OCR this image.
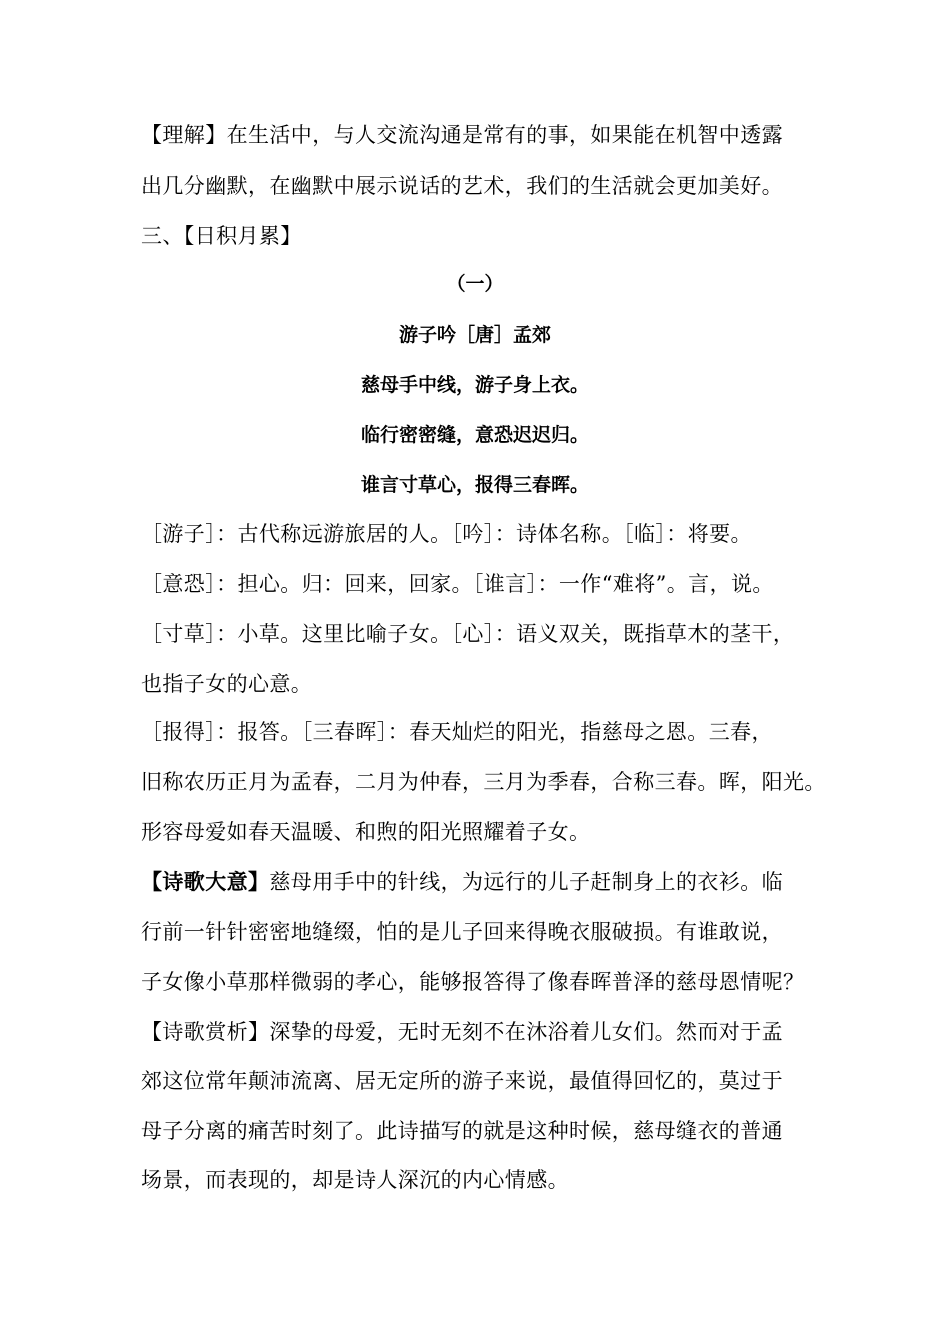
【理解】在生活中，与人交流沟通是常有的事，如果能在机智中透露
出几分幽默，在幽默中展示说话的艺术，我们的生活就会更加美好。
三、【日积月累】
（一）
游子吟［唐］孟郊
慈母手中线，游子身上衣。
临行密密缝，意恐迟迟归。
谁言寸草心，报得三春晖。
［游子］：古代称远游旅居的人。［吟］：诗体名称。［临］：将要。
［意恐］：担心。归：回来，回家。［谁言］：一作“难将”。言，说。
［寸草］：小草。这里比喻子女。［心］：语义双关，既指草木的茎干，
也指子女的心意。
［报得］：报答。［三春晖］：春天灿烂的阳光，指慈母之恩。三春，
旧称农历正月为孟春，二月为仲春，三月为季春，合称三春。晖，阳光。
形容母爱如春天温暖、和煦的阳光照耀着子女。
【诗歌大意】慈母用手中的针线，为远行的儿子赶制身上的衣衫。临
行前一针针密密地缝缀，怕的是儿子回来得晚衣服破损。有谁敢说，
子女像小草那样微弱的孝心，能够报答得了像春晖普泽的慈母恩情呢？
【诗歌赏析】深挚的母爱，无时无刻不在沐浴着儿女们。然而对于孟
郊这位常年颠沛流离、居无定所的游子来说，最值得回忆的，莫过于
母子分离的痛苦时刻了。此诗描写的就是这种时候，慈母缝衣的普通
场景，而表现的，却是诗人深沉的内心情感。
